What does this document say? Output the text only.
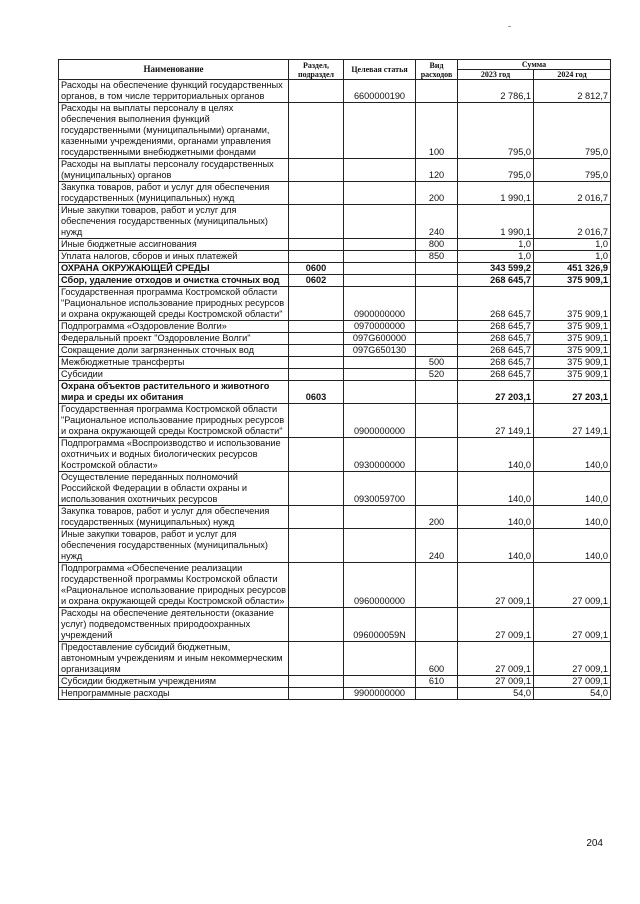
Наименование	Раздел, подраздел	Целевая статья	Вид расходов	Сумма	
				2023 год	2024 год
Расходы на обеспечение функций государственных органов, в том числе территориальных органов		6600000190		2 786,1	2 812,7
Расходы на выплаты персоналу в целях обеспечения выполнения функций государственными (муниципальными) органами, казенными учреждениями, органами управления государственными внебюджетными фондами			100	795,0	795,0
Расходы на выплаты персоналу государственных (муниципальных) органов			120	795,0	795,0
Закупка товаров, работ и услуг для обеспечения государственных (муниципальных) нужд			200	1 990,1	2 016,7
Иные закупки товаров, работ и услуг для обеспечения государственных (муниципальных) нужд			240	1 990,1	2 016,7
Иные бюджетные ассигнования			800	1,0	1,0
Уплата налогов, сборов и иных платежей			850	1,0	1,0
ОХРАНА ОКРУЖАЮЩЕЙ СРЕДЫ	0600			343 599,2	451 326,9
Сбор, удаление отходов и очистка сточных вод	0602			268 645,7	375 909,1
Государственная программа Костромской области "Рациональное использование природных ресурсов и охрана окружающей среды Костромской области"		0900000000		268 645,7	375 909,1
Подпрограмма «Оздоровление Волги»		0970000000		268 645,7	375 909,1
Федеральный проект "Оздоровление Волги"		097G600000		268 645,7	375 909,1
Сокращение доли загрязненных сточных вод		097G650130		268 645,7	375 909,1
Межбюджетные трансферты			500	268 645,7	375 909,1
Субсидии			520	268 645,7	375 909,1
Охрана объектов растительного и животного мира и среды их обитания	0603			27 203,1	27 203,1
Государственная программа Костромской области "Рациональное использование природных ресурсов и охрана окружающей среды Костромской области"		0900000000		27 149,1	27 149,1
Подпрограмма «Воспроизводство и использование охотничьих и водных биологических ресурсов Костромской области»		0930000000		140,0	140,0
Осуществление переданных полномочий Российской Федерации в области охраны и использования охотничьих ресурсов		0930059700		140,0	140,0
Закупка товаров, работ и услуг для обеспечения государственных (муниципальных) нужд			200	140,0	140,0
Иные закупки товаров, работ и услуг для обеспечения государственных (муниципальных) нужд			240	140,0	140,0
Подпрограмма «Обеспечение реализации государственной программы Костромской области «Рациональное использование природных ресурсов и охрана окружающей среды Костромской области»		0960000000		27 009,1	27 009,1
Расходы на обеспечение деятельности (оказание услуг) подведомственных природоохранных учреждений		096000059N		27 009,1	27 009,1
Предоставление субсидий бюджетным, автономным учреждениям и иным некоммерческим организациям			600	27 009,1	27 009,1
Субсидии бюджетным учреждениям			610	27 009,1	27 009,1
Непрограммные расходы		9900000000		54,0	54,0
204
